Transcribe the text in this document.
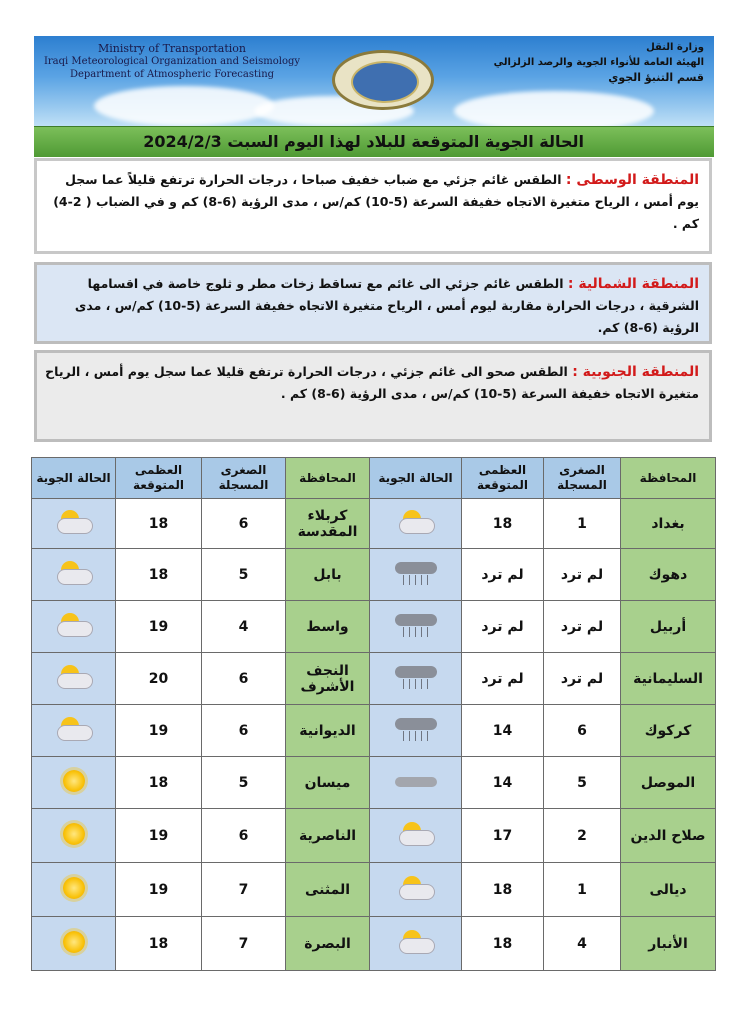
Ministry of Transportation
Iraqi Meteorological Organization and Seismology
Department of Atmospheric Forecasting
وزارة النقل
الهيئة العامة للأنواء الجوية والرصد الزلزالي
قسم التنبؤ الجوي
الحالة الجوية المتوقعة للبلاد لهذا اليوم السبت 2024/2/3
المنطقة الوسطى : الطقس غائم جزئي مع ضباب خفيف صباحا ، درجات الحرارة ترتفع قليلاً عما سجل يوم أمس ، الرياح متغيرة الاتجاه خفيفة السرعة (5-10) كم/س ، مدى الرؤية (6-8) كم و في الضباب ( 2-4) كم .
المنطقة الشمالية : الطقس غائم جزئي الى غائم مع تساقط زخات مطر و ثلوج خاصة في اقسامها الشرقية ، درجات الحرارة مقاربة ليوم أمس ، الرياح متغيرة الاتجاه خفيفة السرعة (5-10) كم/س ، مدى الرؤية (6-8) كم.
المنطقة الجنوبية : الطقس صحو الى غائم جزئي ، درجات الحرارة ترتفع قليلا عما سجل يوم أمس ، الرياح متغيرة الاتجاه خفيفة السرعة (5-10) كم/س ، مدى الرؤية (6-8) كم .
المحافظة	الصغرى المسجلة	العظمى المتوقعة	الحالة الجوية	المحافظة	الصغرى المسجلة	العظمى المتوقعة	الحالة الجوية
بغداد	1	18		كربلاء المقدسة	6	18	

دهوك	لم ترد	لم ترد		بابل	5	18	

أربيل	لم ترد	لم ترد		واسط	4	19	

السليمانية	لم ترد	لم ترد		النجف الأشرف	6	20	

كركوك	6	14		الديوانية	6	19	

الموصل	5	14		ميسان	5	18	
صلاح الدين	2	17		الناصرية	6	19	
ديالى	1	18		المثنى	7	19	
الأنبار	4	18		البصرة	7	18	
